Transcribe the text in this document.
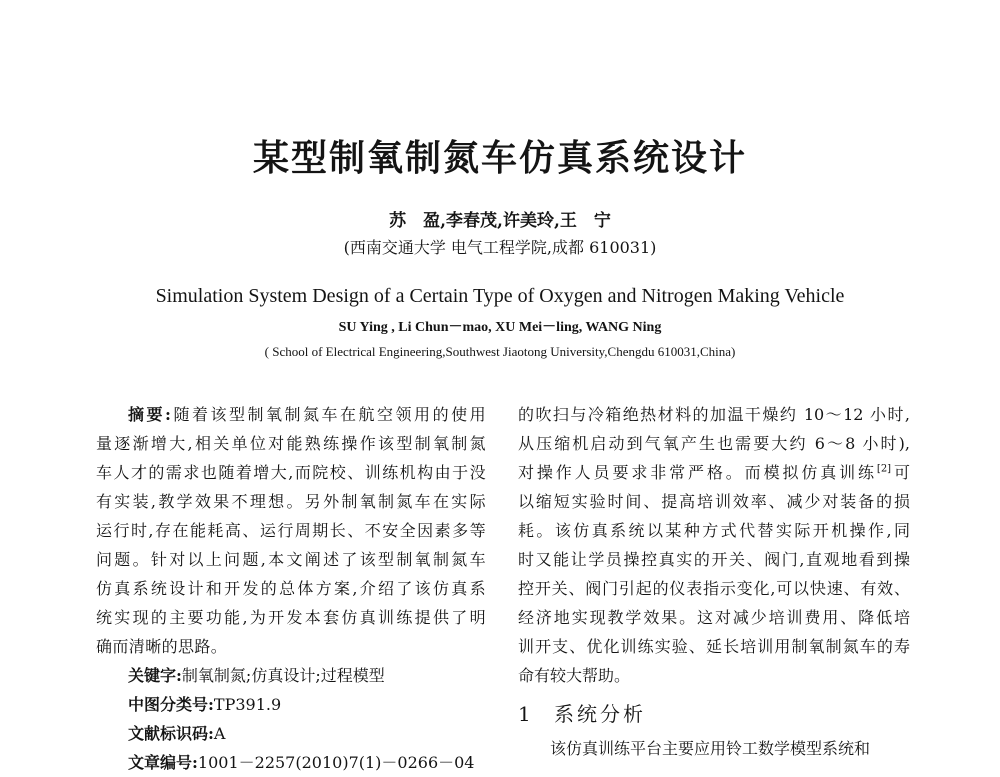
某型制氧制氮车仿真系统设计
苏　盈,李春茂,许美玲,王　宁
(西南交通大学 电气工程学院,成都 610031)
Simulation System Design of a Certain Type of Oxygen and Nitrogen Making Vehicle
SU Ying , Li Chun－mao, XU Mei－ling, WANG Ning
( School of Electrical Engineering,Southwest Jiaotong University,Chengdu 610031,China)
摘要:随着该型制氧制氮车在航空领用的使用
量逐渐增大,相关单位对能熟练操作该型制氧制氮
车人才的需求也随着增大,而院校、训练机构由于没
有实装,教学效果不理想。另外制氧制氮车在实际
运行时,存在能耗高、运行周期长、不安全因素多等
问题。针对以上问题,本文阐述了该型制氧制氮车
仿真系统设计和开发的总体方案,介绍了该仿真系
统实现的主要功能,为开发本套仿真训练提供了明
确而清晰的思路。
关键字:制氧制氮;仿真设计;过程模型
中图分类号:TP391.9
文献标识码:A
文章编号:1001－2257(2010)7(1)－0266－04
的吹扫与冷箱绝热材料的加温干燥约 10～12 小时,
从压缩机启动到气氧产生也需要大约 6～8 小时),
对操作人员要求非常严格。而模拟仿真训练[2]可
以缩短实验时间、提高培训效率、减少对装备的损
耗。该仿真系统以某种方式代替实际开机操作,同
时又能让学员操控真实的开关、阀门,直观地看到操
控开关、阀门引起的仪表指示变化,可以快速、有效、
经济地实现教学效果。这对减少培训费用、降低培
训开支、优化训练实验、延长培训用制氧制氮车的寿
命有较大帮助。
1 系统分析
该仿真训练平台主要应用铃工数学模型系统和
